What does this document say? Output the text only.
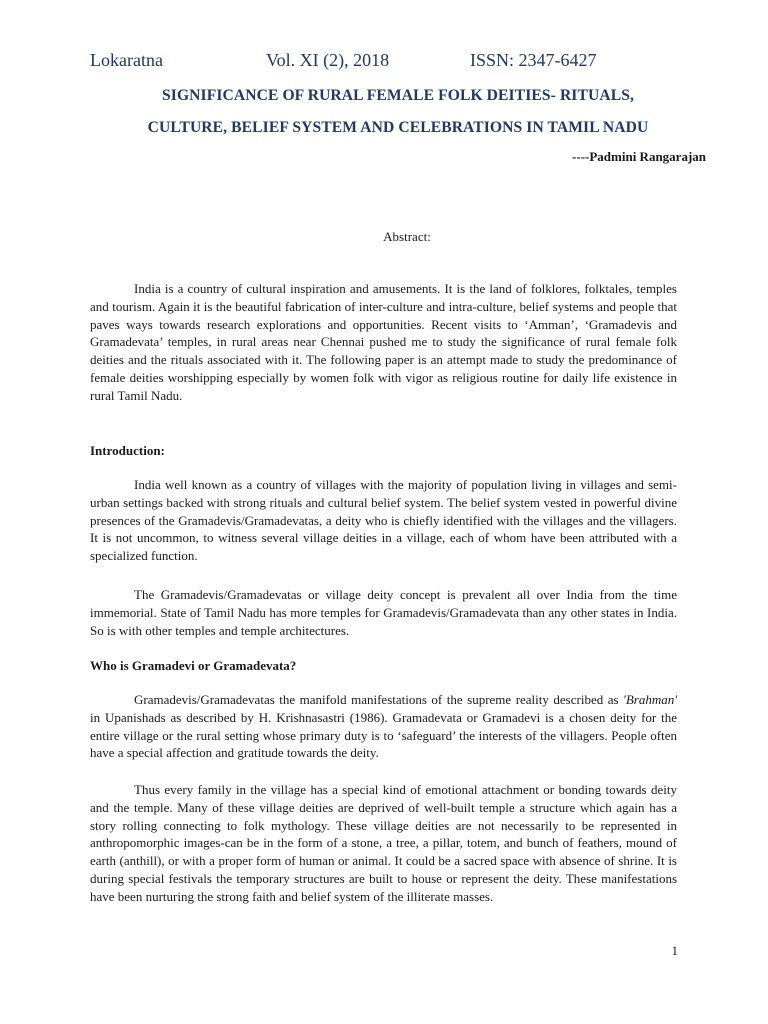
Lokaratna	Vol. XI (2), 2018	ISSN: 2347-6427
SIGNIFICANCE OF RURAL FEMALE FOLK DEITIES- RITUALS,
CULTURE, BELIEF SYSTEM AND CELEBRATIONS IN TAMIL NADU
----Padmini Rangarajan
Abstract:
India is a country of cultural inspiration and amusements. It is the land of folklores, folktales, temples and tourism. Again it is the beautiful fabrication of inter-culture and intra-culture, belief systems and people that paves ways towards research explorations and opportunities. Recent visits to ‘Amman’, ‘Gramadevis and Gramadevata’ temples, in rural areas near Chennai pushed me to study the significance of rural female folk deities and the rituals associated with it. The following paper is an attempt made to study the predominance of female deities worshipping especially by women folk with vigor as religious routine for daily life existence in rural Tamil Nadu.
Introduction:
India well known as a country of villages with the majority of population living in villages and semi-urban settings backed with strong rituals and cultural belief system. The belief system vested in powerful divine presences of the Gramadevis/Gramadevatas, a deity who is chiefly identified with the villages and the villagers. It is not uncommon, to witness several village deities in a village, each of whom have been attributed with a specialized function.
The Gramadevis/Gramadevatas or village deity concept is prevalent all over India from the time immemorial. State of Tamil Nadu has more temples for Gramadevis/Gramadevata than any other states in India. So is with other temples and temple architectures.
Who is Gramadevi or Gramadevata?
Gramadevis/Gramadevatas the manifold manifestations of the supreme reality described as 'Brahman' in Upanishads as described by H. Krishnasastri (1986). Gramadevata or Gramadevi is a chosen deity for the entire village or the rural setting whose primary duty is to ‘safeguard’ the interests of the villagers. People often have a special affection and gratitude towards the deity.
Thus every family in the village has a special kind of emotional attachment or bonding towards deity and the temple. Many of these village deities are deprived of well-built temple a structure which again has a story rolling connecting to folk mythology. These village deities are not necessarily to be represented in anthropomorphic images-can be in the form of a stone, a tree, a pillar, totem, and bunch of feathers, mound of earth (anthill), or with a proper form of human or animal. It could be a sacred space with absence of shrine. It is during special festivals the temporary structures are built to house or represent the deity. These manifestations have been nurturing the strong faith and belief system of the illiterate masses.
1
